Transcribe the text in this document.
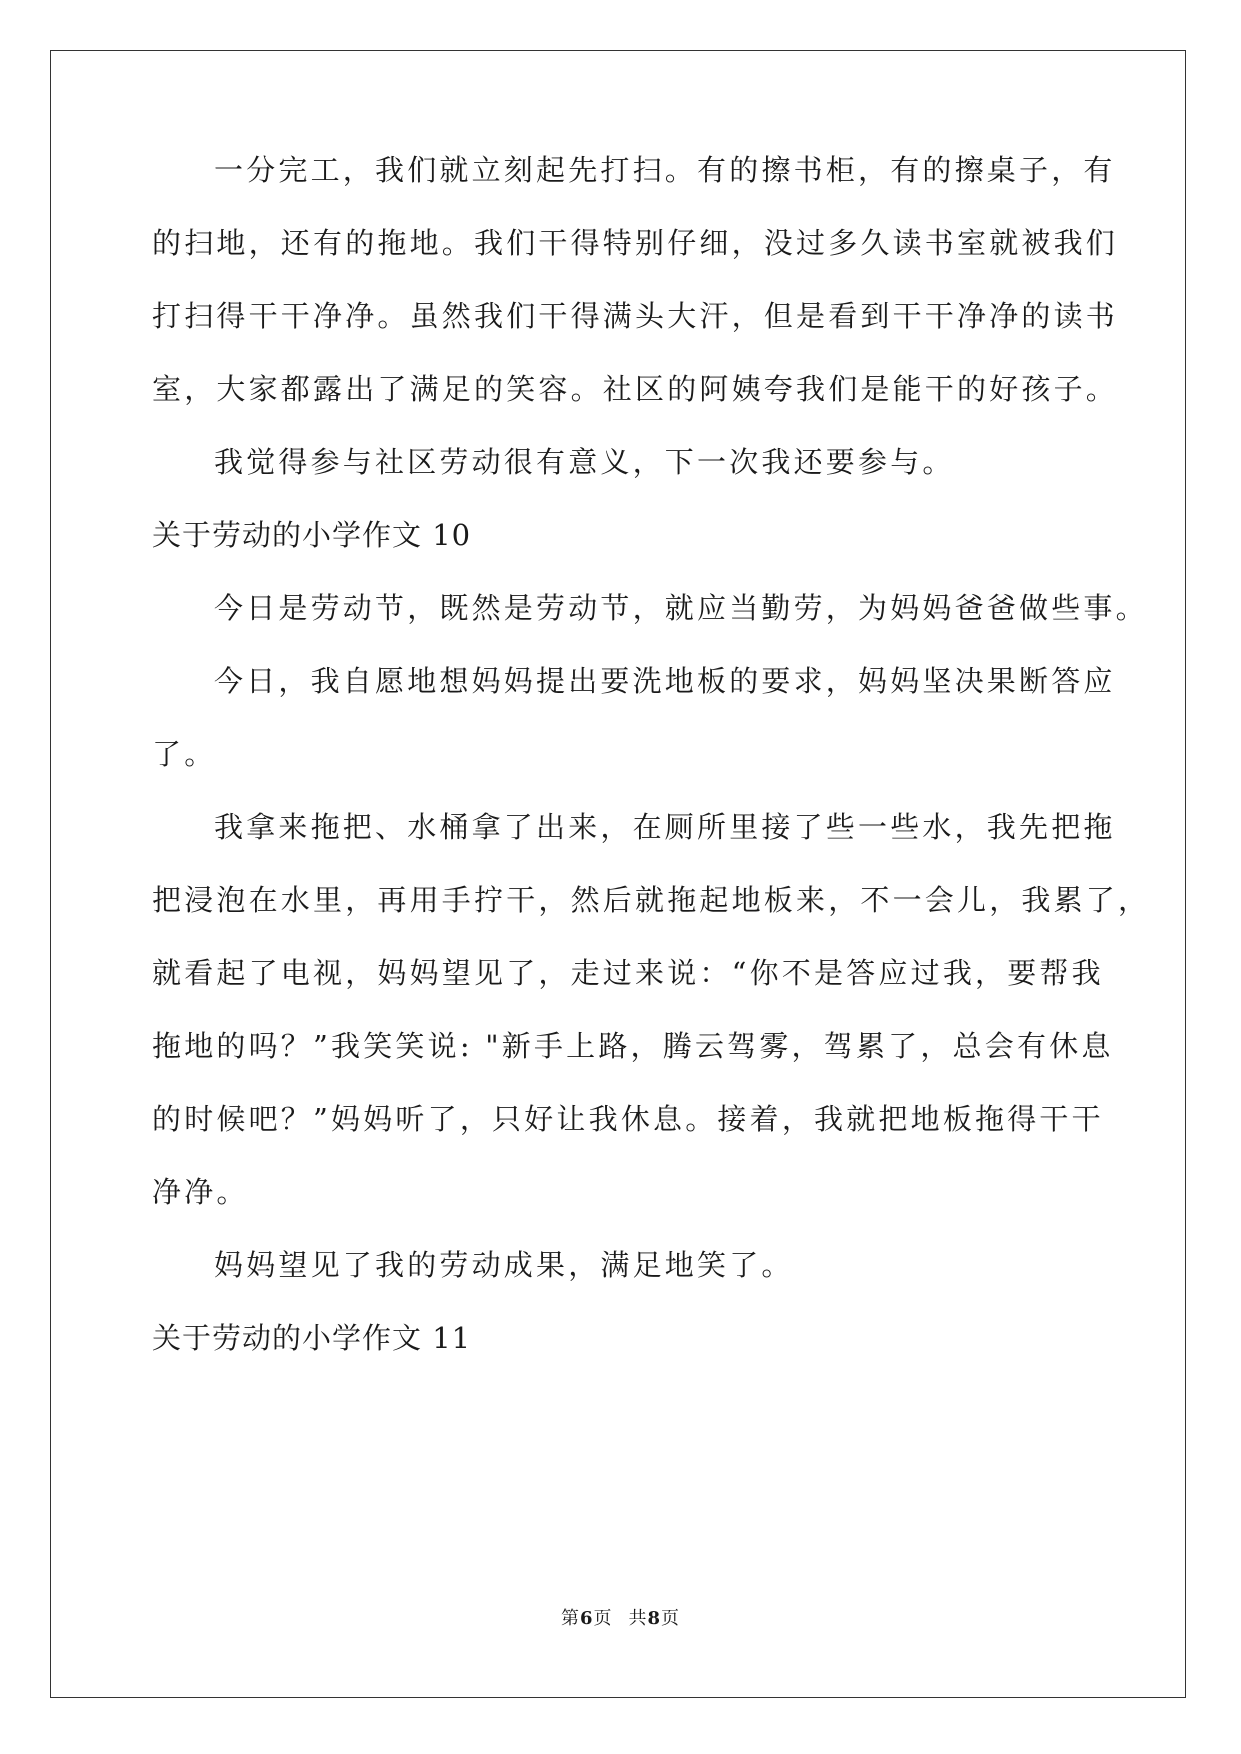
一分完工，我们就立刻起先打扫。有的擦书柜，有的擦桌子，有
的扫地，还有的拖地。我们干得特别仔细，没过多久读书室就被我们
打扫得干干净净。虽然我们干得满头大汗，但是看到干干净净的读书
室，大家都露出了满足的笑容。社区的阿姨夸我们是能干的好孩子。
我觉得参与社区劳动很有意义，下一次我还要参与。
关于劳动的小学作文 10
今日是劳动节，既然是劳动节，就应当勤劳，为妈妈爸爸做些事。
今日，我自愿地想妈妈提出要洗地板的要求，妈妈坚决果断答应
了。
我拿来拖把、水桶拿了出来，在厕所里接了些一些水，我先把拖
把浸泡在水里，再用手拧干，然后就拖起地板来，不一会儿，我累了，
就看起了电视，妈妈望见了，走过来说：“你不是答应过我，要帮我
拖地的吗？”我笑笑说: "新手上路，腾云驾雾，驾累了，总会有休息
的时候吧？”妈妈听了，只好让我休息。接着，我就把地板拖得干干
净净。
妈妈望见了我的劳动成果，满足地笑了。
关于劳动的小学作文 11
第6页 共8页
